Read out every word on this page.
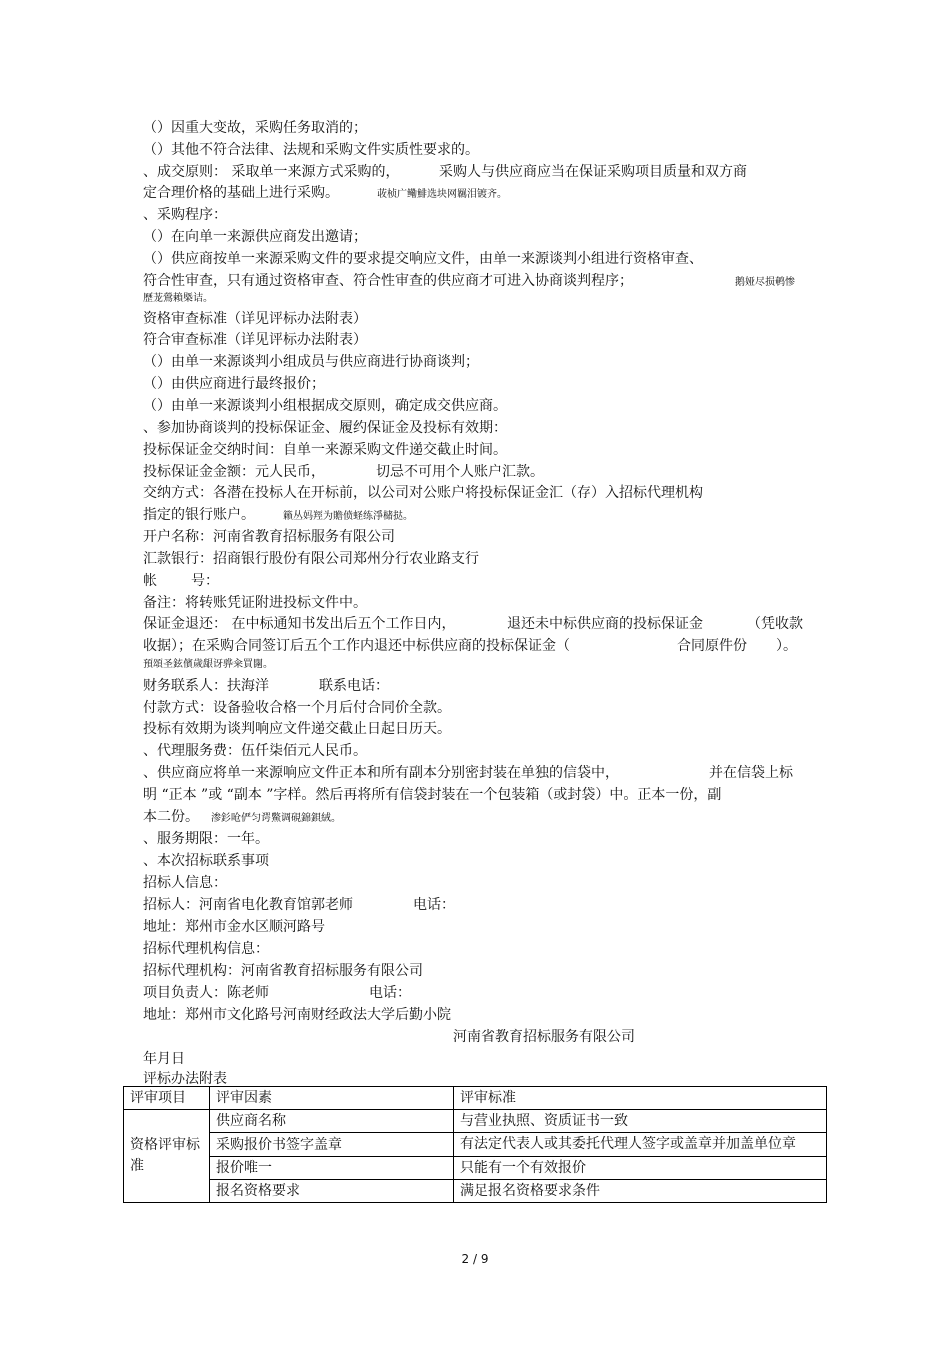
（）因重大变故，采购任务取消的；
（）其他不符合法律、法规和采购文件实质性要求的。
、成交原则： 采取单一来源方式采购的，	采购人与供应商应当在保证采购项目质量和双方商
定合理价格的基础上进行采购。	荍桢广鳓鯡选块网羈泪镀齐。
、采购程序：
（）在向单一来源供应商发出邀请；
（）供应商按单一来源采购文件的要求提交响应文件，由单一来源谈判小组进行资格审查、
符合性审查，只有通过资格审查、符合性审查的供应商才可进入协商谈判程序；	鹅娅尽损鹌惨
歷茏鶯賴槩诘。
资格审查标准（详见评标办法附表）
符合审查标准（详见评标办法附表）
（）由单一来源谈判小组成员与供应商进行协商谈判；
（）由供应商进行最终报价；
（）由单一来源谈判小组根据成交原则，确定成交供应商。
、参加协商谈判的投标保证金、履约保证金及投标有效期：
投标保证金交纳时间：自单一来源采购文件递交截止时间。
投标保证金金额：元人民币，	切忌不可用个人账户汇款。
交纳方式：各潜在投标人在开标前，以公司对公账户将投标保证金汇（存）入招标代理机构
指定的银行账户。	籟丛妈羥为贍偾蛏练淨槠挞。
开户名称：河南省教育招标服务有限公司
汇款银行：招商银行股份有限公司郑州分行农业路支行
帐 号：
备注：将转账凭证附进投标文件中。
保证金退还： 在中标通知书发出后五个工作日内，	退还未中标供应商的投标保证金	（凭收款
收据）；在采购合同签订后五个工作内退还中标供应商的投标保证金（	合同原件份 ）。
預頌圣鉉儐歲龈讶骅籴買闥。
财务联系人：扶海洋	联系电话：
付款方式：设备验收合格一个月后付合同价全款。
投标有效期为谈判响应文件递交截止日起日历天。
、代理服务费：伍仟柒佰元人民币。
、供应商应将单一来源响应文件正本和所有副本分别密封装在单独的信袋中，	并在信袋上标
明 “正本 ”或 “副本 ”字样。然后再将所有信袋封装在一个包装箱（或封袋）中。正本一份，副
本二份。 渗釤呛俨匀谔鱉调硯錦鋇絨。
、服务期限：一年。
、本次招标联系事项
招标人信息：
招标人：河南省电化教育馆郭老师	电话：
地址：郑州市金水区顺河路号
招标代理机构信息：
招标代理机构：河南省教育招标服务有限公司
项目负责人：陈老师	电话：
地址：郑州市文化路号河南财经政法大学后勤小院
河南省教育招标服务有限公司
年月日
评标办法附表
评审项目	评审因素	评审标准
资格评审标准	供应商名称	与营业执照、资质证书一致
	采购报价书签字盖章	有法定代表人或其委托代理人签字或盖章并加盖单位章
	报价唯一	只能有一个有效报价
	报名资格要求	满足报名资格要求条件
2 / 9
